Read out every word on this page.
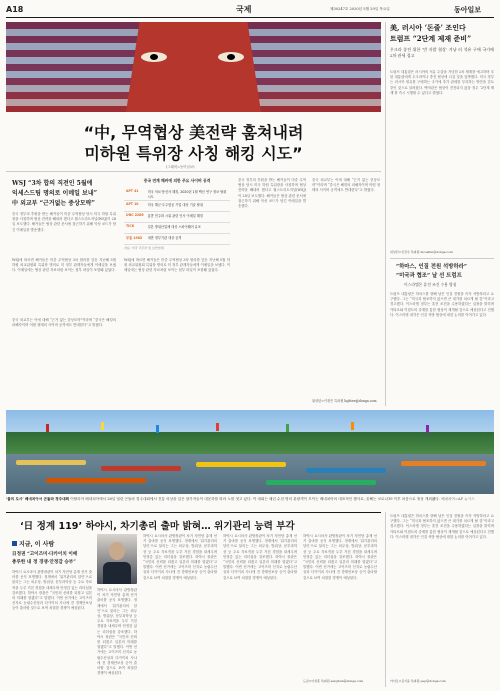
A18	국제	제30247호 2020년 5월 29일 목요일	동아일보
“中, 무역협상 美전략 훔쳐내려
미하원 특위장 사칭 해킹 시도”
(그래픽=동아일보)
WSJ “3차 합의 직전인 5월에
익세스드팀 명의로 이메일 보내”
中 외교부 “근거없는 중상모략”
중국 정부의 후원을 받는 해커들이 미중 무역협상 당시 미국 하원 특위장을 사칭하며 협상 전략을 빼내려 했다고 월스트리트저널(WSJ)이 28일 보도했다. 해커들은 협상 관련 문서에 접근하기 위해 악성 코드가 담긴 이메일을 발송했다.
WSJ에 따르면 해커들은 미중 무역협상 3차 합의를 앞둔 지난해 5월 하원 외교위원회 특위장 명의로 미 정부 관계자들에게 이메일을 보냈다. 이메일에는 협상 관련 자료처럼 보이는 첨부 파일이 포함돼 있었다.
중국 외교부는 이에 대해 “근거 없는 중상모략”이라며 “중국은 해킹의 피해자이며 어떤 형태의 사이버 공격에도 반대한다”고 밝혔다.
중국 연계 해커에 의한 주요 사이버 공격
APT 41	미국 의료·통신사 해킹, 2020년 1월 백신 연구 정보 탈취 시도
APT 10	미국 해군·우주항공 기업 대상 기술 탈취
UNC 2286	홍콩 민주화 시위 관련 인사 이메일 해킹
TICK	일본 방위산업체 대상 스파이웨어 유포
부틀 1983	대만 정부기관 대상 공격
자료: 미국 국무부 및 보안업체
WSJ에 따르면 해커들은 미중 무역협상 3차 합의를 앞둔 지난해 5월 하원 외교위원회 특위장 명의로 미 정부 관계자들에게 이메일을 보냈다. 이메일에는 협상 관련 자료처럼 보이는 첨부 파일이 포함돼 있었다.
중국 정부의 후원을 받는 해커들이 미중 무역협상 당시 미국 하원 특위장을 사칭하며 협상 전략을 빼내려 했다고 월스트리트저널(WSJ)이 28일 보도했다. 해커들은 협상 관련 문서에 접근하기 위해 악성 코드가 담긴 이메일을 발송했다.
중국 외교부는 이에 대해 “근거 없는 중상모략”이라며 “중국은 해킹의 피해자이며 어떤 형태의 사이버 공격에도 반대한다”고 밝혔다.
워싱턴=이정은 특파원 lightee@donga.com
美, 러시아 ‘돈줄’ 조인다
트럼프 “2단계 제재 준비”
우크라 종전 위한 ‘반 자발 협상’ 겨냥 러 석유 구매 국가에 2차 관세 경고
트럼프 대통령은 러시아의 석유 수출을 겨냥한 2차 제재를 예고하며 푸틴 대통령에게 우크라이나 종전 협상에 나설 것을 압박했다. 미국 정부는 러시아 원유를 구매하는 국가에 추가 관세를 부과하는 방안을 검토 중인 것으로 알려졌다. 백악관은 협상이 진전되지 않을 경우 ‘2단계 제재’를 즉시 시행할 수 있다고 밝혔다.
워싱턴=신진우 특파원 niceshin@donga.com
“하마스, 인질 전원 석방하라”
“미국과 협조” 날 선 트럼프
이스라엘은 휴전 조건 수용 방침
트럼프 대통령은 하마스를 향해 남은 인질 전원을 즉각 석방하라고 요구했다. 그는 “미국과 협조하지 않으면 큰 대가를 치르게 될 것”이라고 경고했다. 이스라엘 정부는 휴전 조건을 수용하겠다는 입장을 밝히며 카타르와 이집트의 중재를 통한 협상이 재개될 것으로 예상된다고 전했다. 이스라엘 내각은 인질 석방 협상에 대한 논의를 이어가고 있다.
‘물의 도시’ 베네치아서 곤돌라 경주대회 이탈리아 베네치아에서 28일 열린 곤돌라 경주대회에서 전통 의상을 입은 참가자들이 대운하를 따라 노를 젓고 있다. 이 대회는 매년 수천 명의 관광객이 모이는 베네치아의 대표적인 행사로, 올해는 코로나19 이후 처음으로 정상 개최됐다. 베네치아=AP 뉴시스
‘日 정계 119’ 하야시, 차기총리 출마 밝혀… 위기관리 능력 부각
지금, 이 사람
日정권 “고이즈미·다카이치 이배
총루한 내 정 경쟁·안정감 승부”
하야시 요시마사 관방장관이 차기 자민당 총재 선거 출마를 공식 표명했다. 정계에서 ‘위기관리의 달인’으로 불리는 그는 외무상, 방위상, 문부과학상 등 주요 각료직을 두루 거친 경험을 내세우며 안정감 있는 리더십을 강조했다. 하야시 장관은 “국민의 신뢰를 되찾고 일본의 미래를 열겠다”고 말했다. 이번 선거에는 고이즈미 신지로 농림수산상과 다카이치 사나에 전 경제안보상 등이 출마할 것으로 보여 치열한 경쟁이 예상된다.
하야시 요시마사 관방장관이 차기 자민당 총재 선거 출마를 공식 표명했다. 정계에서 ‘위기관리의 달인’으로 불리는 그는 외무상, 방위상, 문부과학상 등 주요 각료직을 두루 거친 경험을 내세우며 안정감 있는 리더십을 강조했다. 하야시 장관은 “국민의 신뢰를 되찾고 일본의 미래를 열겠다”고 말했다. 이번 선거에는 고이즈미 신지로 농림수산상과 다카이치 사나에 전 경제안보상 등이 출마할 것으로 보여 치열한 경쟁이 예상된다.
하야시 요시마사 관방장관이 차기 자민당 총재 선거 출마를 공식 표명했다. 정계에서 ‘위기관리의 달인’으로 불리는 그는 외무상, 방위상, 문부과학상 등 주요 각료직을 두루 거친 경험을 내세우며 안정감 있는 리더십을 강조했다. 하야시 장관은 “국민의 신뢰를 되찾고 일본의 미래를 열겠다”고 말했다. 이번 선거에는 고이즈미 신지로 농림수산상과 다카이치 사나에 전 경제안보상 등이 출마할 것으로 보여 치열한 경쟁이 예상된다.
하야시 요시마사 관방장관이 차기 자민당 총재 선거 출마를 공식 표명했다. 정계에서 ‘위기관리의 달인’으로 불리는 그는 외무상, 방위상, 문부과학상 등 주요 각료직을 두루 거친 경험을 내세우며 안정감 있는 리더십을 강조했다. 하야시 장관은 “국민의 신뢰를 되찾고 일본의 미래를 열겠다”고 말했다. 이번 선거에는 고이즈미 신지로 농림수산상과 다카이치 사나에 전 경제안보상 등이 출마할 것으로 보여 치열한 경쟁이 예상된다.
하야시 요시마사 관방장관이 차기 자민당 총재 선거 출마를 공식 표명했다. 정계에서 ‘위기관리의 달인’으로 불리는 그는 외무상, 방위상, 문부과학상 등 주요 각료직을 두루 거친 경험을 내세우며 안정감 있는 리더십을 강조했다. 하야시 장관은 “국민의 신뢰를 되찾고 일본의 미래를 열겠다”고 말했다. 이번 선거에는 고이즈미 신지로 농림수산상과 다카이치 사나에 전 경제안보상 등이 출마할 것으로 보여 치열한 경쟁이 예상된다.
도쿄=이상훈 특파원 sanghun@donga.com
트럼프 대통령은 하마스를 향해 남은 인질 전원을 즉각 석방하라고 요구했다. 그는 “미국과 협조하지 않으면 큰 대가를 치르게 될 것”이라고 경고했다. 이스라엘 정부는 휴전 조건을 수용하겠다는 입장을 밝히며 카타르와 이집트의 중재를 통한 협상이 재개될 것으로 예상된다고 전했다. 이스라엘 내각은 인질 석방 협상에 대한 논의를 이어가고 있다.
카이로=김기윤 특파원 pep@donga.com
